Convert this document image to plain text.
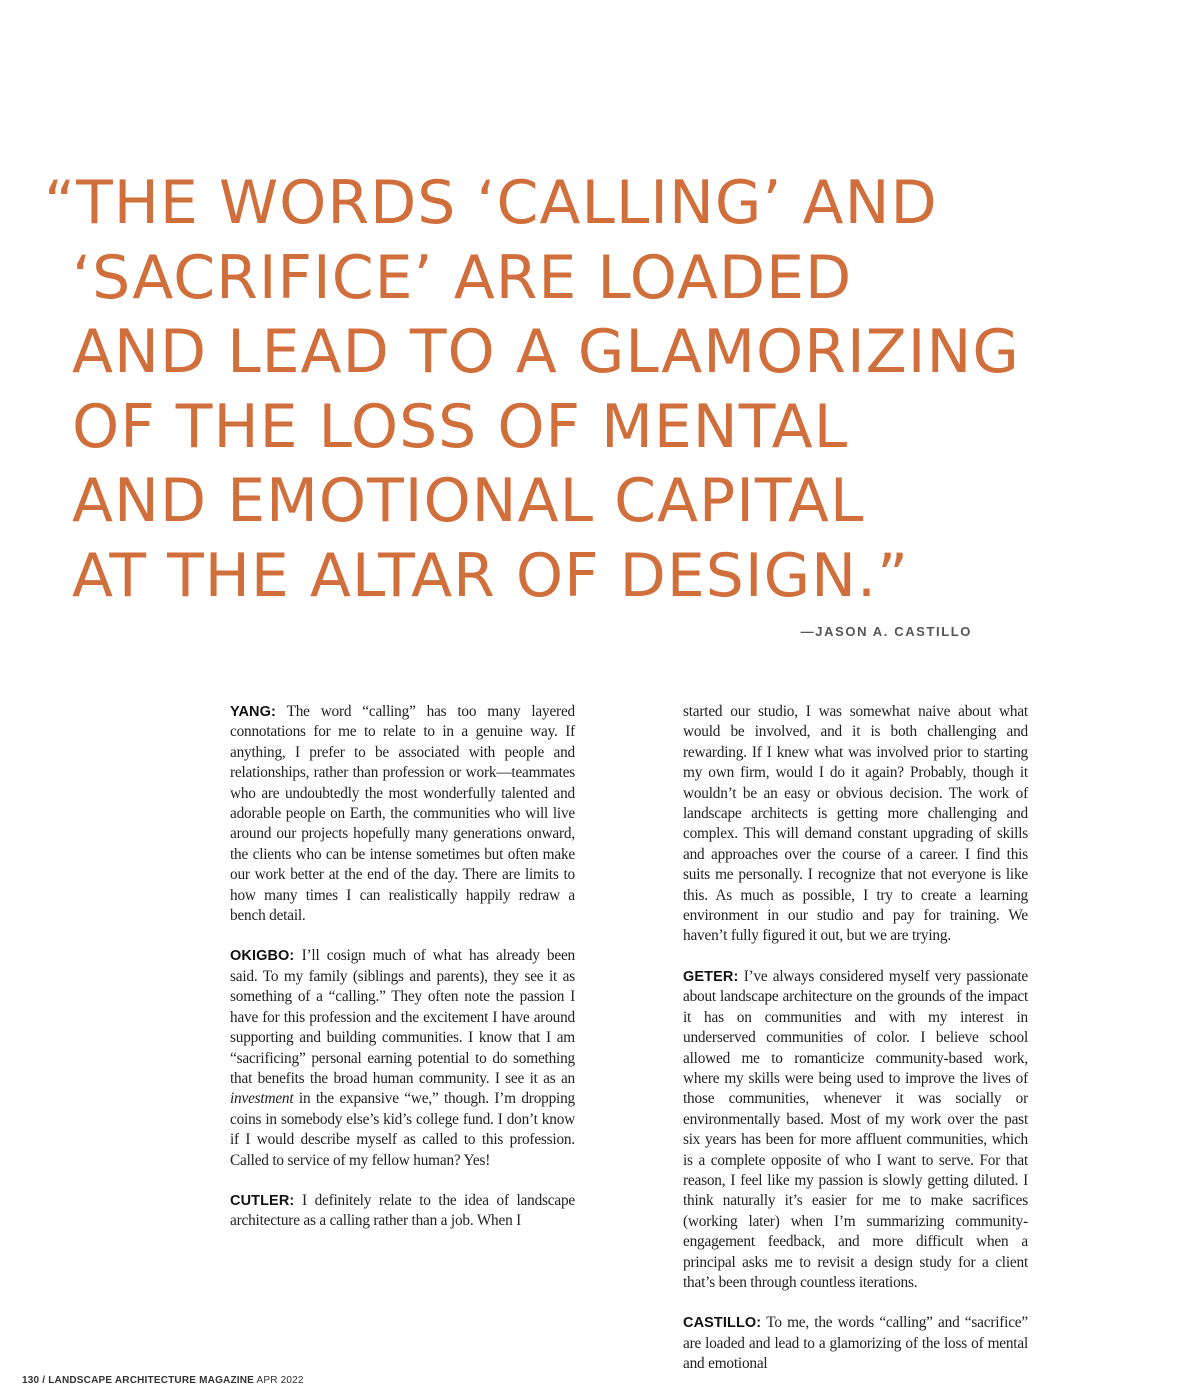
“THE WORDS ‘CALLING’ AND
‘SACRIFICE’ ARE LOADED
AND LEAD TO A GLAMORIZING
OF THE LOSS OF MENTAL
AND EMOTIONAL CAPITAL
AT THE ALTAR OF DESIGN.”
—JASON A. CASTILLO

YANG: The word “calling” has too many layered connotations for me to relate to in a genuine way. If anything, I prefer to be associated with people and relationships, rather than profession or work—teammates who are undoubtedly the most wonderfully talented and adorable people on Earth, the communities who will live around our projects hopefully many generations onward, the clients who can be intense sometimes but often make our work better at the end of the day. There are limits to how many times I can realistically happily redraw a bench detail.

OKIGBO: I’ll cosign much of what has already been said. To my family (siblings and parents), they see it as something of a “calling.” They often note the passion I have for this profession and the excitement I have around supporting and building communities. I know that I am “sacrificing” personal earning potential to do something that benefits the broad human community. I see it as an investment in the expansive “we,” though. I’m dropping coins in somebody else’s kid’s college fund. I don’t know if I would describe myself as called to this profession. Called to service of my fellow human? Yes!

CUTLER: I definitely relate to the idea of landscape architecture as a calling rather than a job. When I

started our studio, I was somewhat naive about what would be involved, and it is both challenging and rewarding. If I knew what was involved prior to starting my own firm, would I do it again? Probably, though it wouldn’t be an easy or obvious decision. The work of landscape architects is getting more challenging and complex. This will demand constant upgrading of skills and approaches over the course of a career. I find this suits me personally. I recognize that not everyone is like this. As much as possible, I try to create a learning environment in our studio and pay for training. We haven’t fully figured it out, but we are trying.

GETER: I’ve always considered myself very passionate about landscape architecture on the grounds of the impact it has on communities and with my interest in underserved communities of color. I believe school allowed me to romanticize community-based work, where my skills were being used to improve the lives of those communities, whenever it was socially or environmentally based. Most of my work over the past six years has been for more affluent communities, which is a complete opposite of who I want to serve. For that reason, I feel like my passion is slowly getting diluted. I think naturally it’s easier for me to make sacrifices (working later) when I’m summarizing community-engagement feedback, and more difficult when a principal asks me to revisit a design study for a client that’s been through countless iterations.

CASTILLO: To me, the words “calling” and “sacrifice” are loaded and lead to a glamorizing of the loss of mental and emotional

130 / LANDSCAPE ARCHITECTURE MAGAZINE APR 2022
